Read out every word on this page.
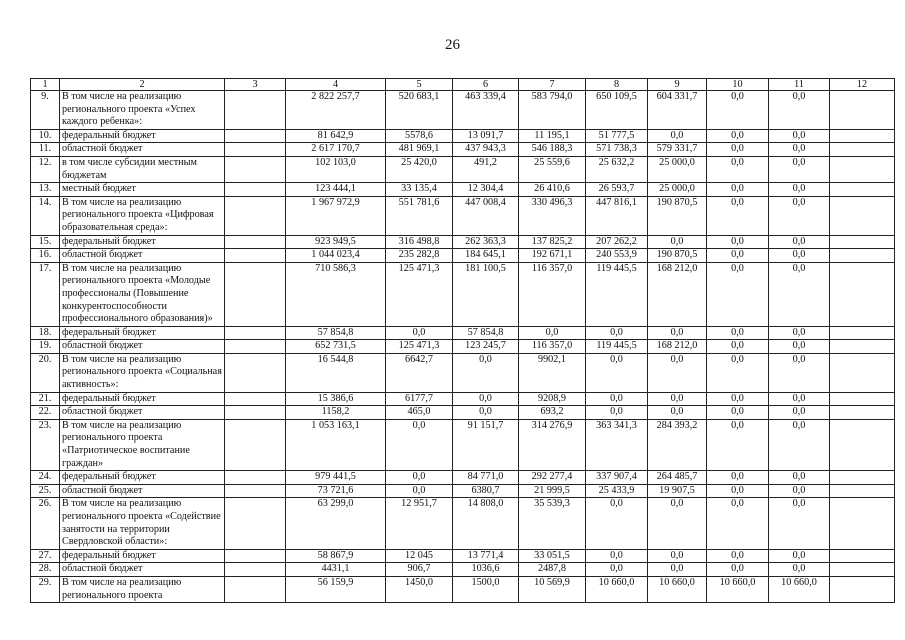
26
1	2	3	4	5	6	7	8	9	10	11	12
9.	В том числе на реализацию регионального проекта «Успех каждого ребенка»:		2 822 257,7	520 683,1	463 339,4	583 794,0	650 109,5	604 331,7	0,0	0,0	
10.	федеральный бюджет		81 642,9	5578,6	13 091,7	11 195,1	51 777,5	0,0	0,0	0,0	
11.	областной бюджет		2 617 170,7	481 969,1	437 943,3	546 188,3	571 738,3	579 331,7	0,0	0,0	
12.	в том числе субсидии местным бюджетам		102 103,0	25 420,0	491,2	25 559,6	25 632,2	25 000,0	0,0	0,0	
13.	местный бюджет		123 444,1	33 135,4	12 304,4	26 410,6	26 593,7	25 000,0	0,0	0,0	
14.	В том числе на реализацию регионального проекта «Цифровая образовательная среда»:		1 967 972,9	551 781,6	447 008,4	330 496,3	447 816,1	190 870,5	0,0	0,0	
15.	федеральный бюджет		923 949,5	316 498,8	262 363,3	137 825,2	207 262,2	0,0	0,0	0,0	
16.	областной бюджет		1 044 023,4	235 282,8	184 645,1	192 671,1	240 553,9	190 870,5	0,0	0,0	
17.	В том числе на реализацию регионального проекта «Молодые профессионалы (Повышение конкурентоспособности профессионального образования)»		710 586,3	125 471,3	181 100,5	116 357,0	119 445,5	168 212,0	0,0	0,0	
18.	федеральный бюджет		57 854,8	0,0	57 854,8	0,0	0,0	0,0	0,0	0,0	
19.	областной бюджет		652 731,5	125 471,3	123 245,7	116 357,0	119 445,5	168 212,0	0,0	0,0	
20.	В том числе на реализацию регионального проекта «Социальная активность»:		16 544,8	6642,7	0,0	9902,1	0,0	0,0	0,0	0,0	
21.	федеральный бюджет		15 386,6	6177,7	0,0	9208,9	0,0	0,0	0,0	0,0	
22.	областной бюджет		1158,2	465,0	0,0	693,2	0,0	0,0	0,0	0,0	
23.	В том числе на реализацию регионального проекта «Патриотическое воспитание граждан»		1 053 163,1	0,0	91 151,7	314 276,9	363 341,3	284 393,2	0,0	0,0	
24.	федеральный бюджет		979 441,5	0,0	84 771,0	292 277,4	337 907,4	264 485,7	0,0	0,0	
25.	областной бюджет		73 721,6	0,0	6380,7	21 999,5	25 433,9	19 907,5	0,0	0,0	
26.	В том числе на реализацию регионального проекта «Содействие занятости на территории Свердловской области»:		63 299,0	12 951,7	14 808,0	35 539,3	0,0	0,0	0,0	0,0	
27.	федеральный бюджет		58 867,9	12 045	13 771,4	33 051,5	0,0	0,0	0,0	0,0	
28.	областной бюджет		4431,1	906,7	1036,6	2487,8	0,0	0,0	0,0	0,0	
29.	В том числе на реализацию регионального проекта		56 159,9	1450,0	1500,0	10 569,9	10 660,0	10 660,0	10 660,0	10 660,0	
